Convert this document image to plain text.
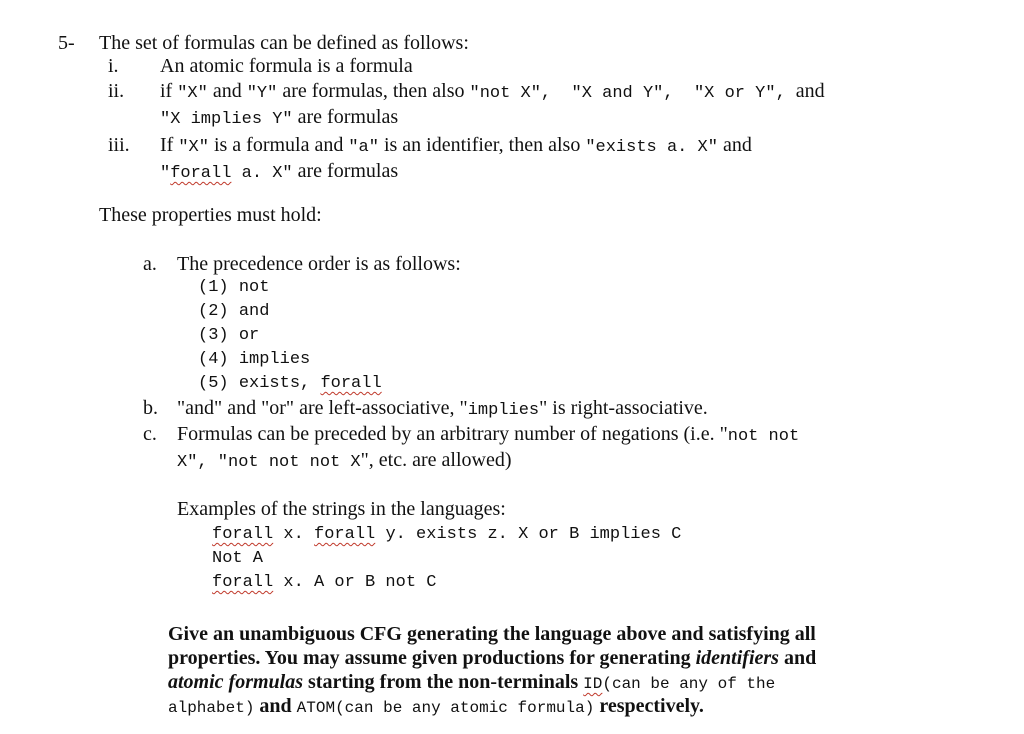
5- The set of formulas can be defined as follows:
i. An atomic formula is a formula
ii. if "X" and "Y" are formulas, then also "not X", "X and Y", "X or Y",  and
"X implies Y" are formulas
iii. If "X" is a formula and "a" is an identifier, then also "exists a. X" and
"forall a. X" are formulas
These properties must hold:
a. The precedence order is as follows:
(1) not
(2) and
(3) or
(4) implies
(5) exists, forall
b. "and" and "or" are left-associative, "implies" is right-associative.
c. Formulas can be preceded by an arbitrary number of negations (i.e. "not not
X", "not not not X", etc. are allowed)
Examples of the strings in the languages:
forall x. forall y. exists z. X or B implies C
Not A
forall x. A or B not C
Give an unambiguous CFG generating the language above and satisfying all
properties. You may assume given productions for generating identifiers and
atomic formulas starting from the non-terminals ID(can be any of the
alphabet) and ATOM(can be any atomic formula) respectively.
